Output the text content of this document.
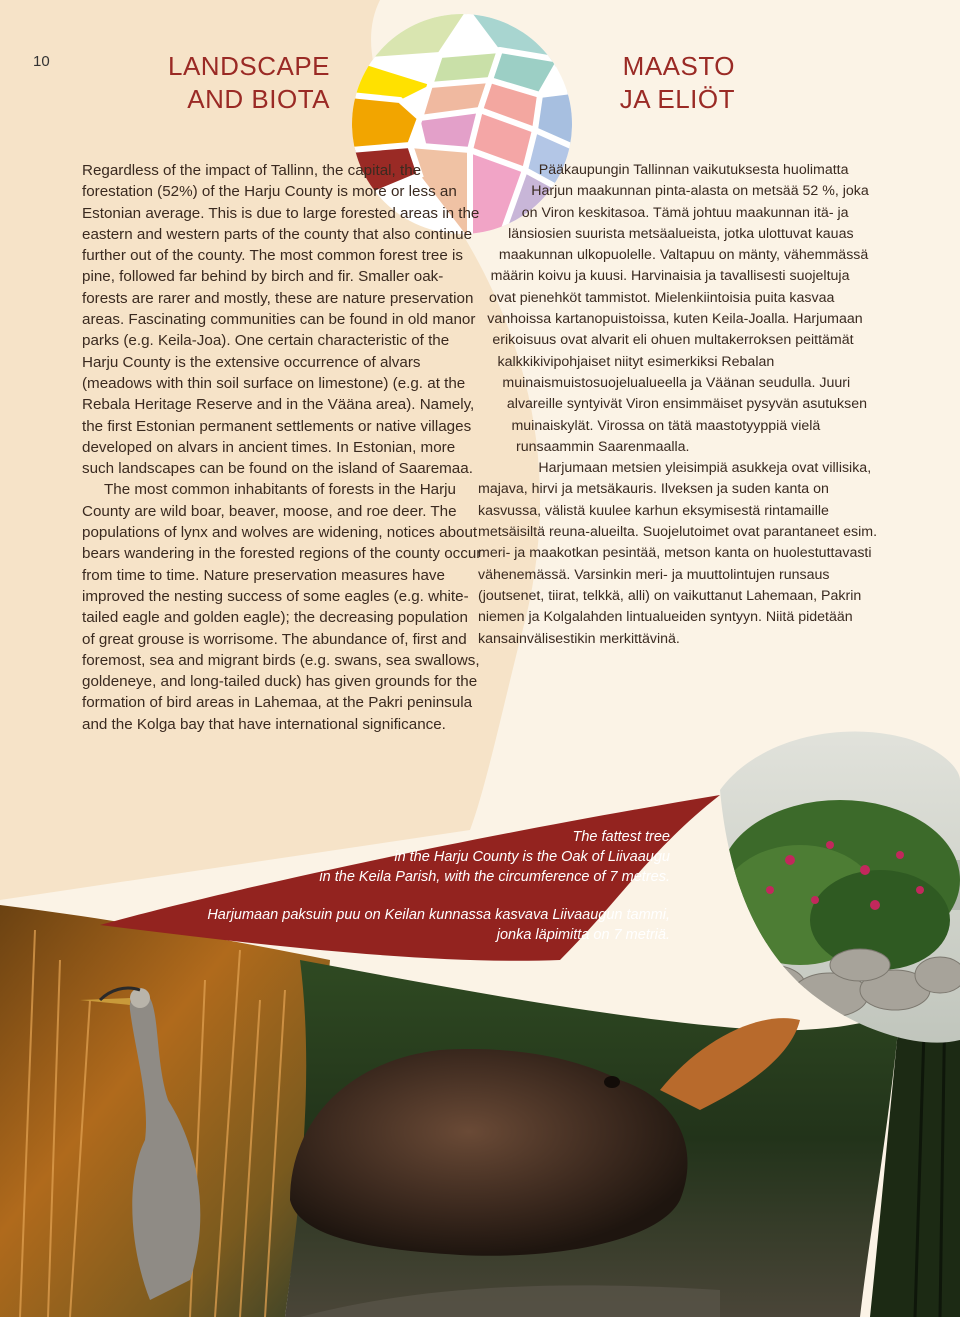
10	LANDSCAPE
AND BIOTA
MAASTO
JA ELIÖT

Regardless of the impact of Tallinn, the capital, the forestation (52%) of the Harju County is more or less an Estonian average. This is due to large forested areas in the eastern and western parts of the county that also continue further out of the county. The most common forest tree is pine, followed far behind by birch and fir. Smaller oak-forests are rarer and mostly, these are nature preservation areas. Fascinating communities can be found in old manor parks (e.g. Keila-Joa). One certain characteristic of the Harju County is the extensive occurrence of alvars (meadows with thin soil surface on limestone) (e.g. at the Rebala Heritage Reserve and in the Vääna area). Namely, the first Estonian permanent settlements or native villages developed on alvars in ancient times. In Estonian, more such landscapes can be found on the island of Saaremaa.

The most common inhabitants of forests in the Harju County are wild boar, beaver, moose, and roe deer. The populations of lynx and wolves are widening, notices about bears wandering in the forested regions of the county occur from time to time. Nature preservation measures have improved the nesting success of some eagles (e.g. white-tailed eagle and golden eagle); the decreasing population of great grouse is worrisome. The abundance of, first and foremost, sea and migrant birds (e.g. swans, sea swallows, goldeneye, and long-tailed duck) has given grounds for the formation of bird areas in Lahemaa, at the Pakri peninsula and the Kolga bay that have international significance.

Pääkaupungin Tallinnan vaikutuksesta huolimatta Harjun maakunnan pinta-alasta on metsää 52 %, joka on Viron keskitasoa. Tämä johtuu maakunnan itä- ja länsiosien suurista metsäalueista, jotka ulottuvat kauas maakunnan ulkopuolelle. Valtapuu on mänty, vähemmässä määrin koivu ja kuusi. Harvinaisia ja tavallisesti suojeltuja ovat pienehköt tammistot. Mielenkiintoisia puita kasvaa vanhoissa kartanopuistoissa, kuten Keila-Joalla. Harjumaan erikoisuus ovat alvarit eli ohuen multakerroksen peittämät kalkkikivipohjaiset niityt esimerkiksi Rebalan muinaismuistosuojelualueella ja Väänan seudulla. Juuri alvareille syntyivät Viron ensimmäiset pysyvän asutuksen muinaiskylät. Virossa on tätä maastotyyppiä vielä runsaammin Saarenmaalla.

Harjumaan metsien yleisimpiä asukkeja ovat villisika, majava, hirvi ja metsäkauris. Ilveksen ja suden kanta on kasvussa, välistä kuulee karhun eksymisestä rintamaille metsäisiltä reuna-alueilta. Suojelutoimet ovat parantaneet esim. meri- ja maakotkan pesintää, metson kanta on huolestuttavasti vähenemässä. Varsinkin meri- ja muuttolintujen runsaus (joutsenet, tiirat, telkkä, alli) on vaikuttanut Lahemaan, Pakrin niemen ja Kolgalahden lintualueiden syntyyn. Niitä pidetään kansainvälisestikin merkittävinä.

The fattest tree
in the Harju County is the Oak of Liivaaugu
in the Keila Parish, with the circumference of 7 metres.
Harjumaan paksuin puu on Keilan kunnassa kasvava Liivaaugun tammi,
jonka läpimitta on 7 metriä.
